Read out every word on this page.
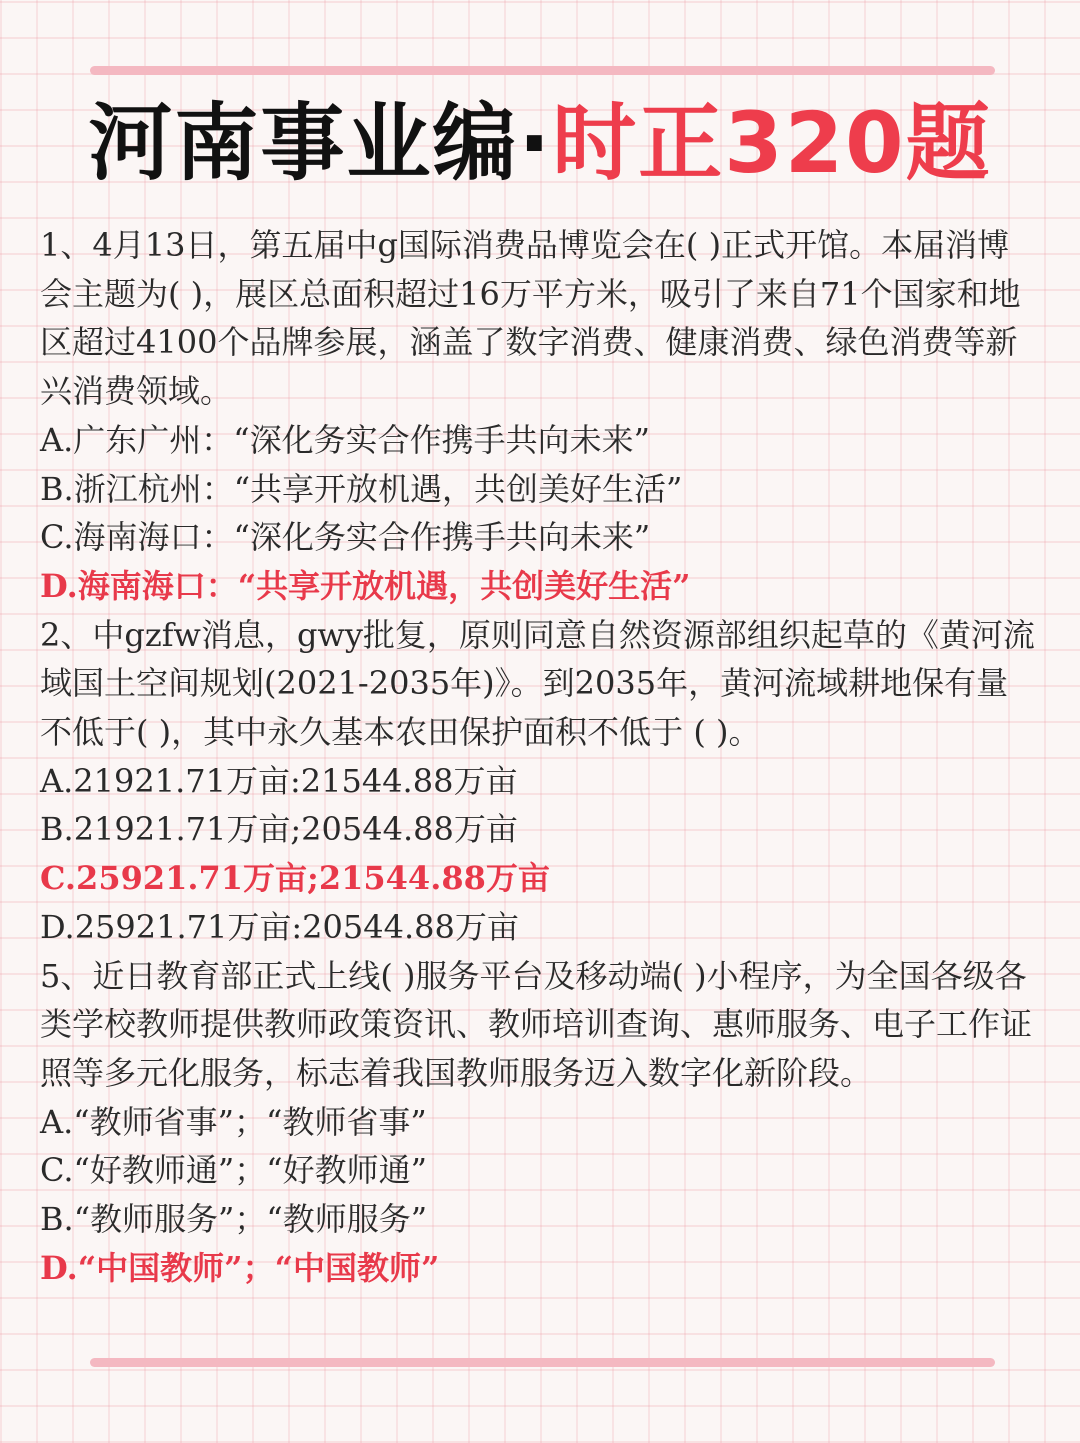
河南事业编·时正320题

1、4月13日，第五届中g国际消费品博览会在( )正式开馆。本届消博会主题为( )，展区总面积超过16万平方米，吸引了来自71个国家和地区超过4100个品牌参展，涵盖了数字消费、健康消费、绿色消费等新兴消费领域。

A.广东广州：“深化务实合作携手共向未来”

B.浙江杭州：“共享开放机遇，共创美好生活”

C.海南海口：“深化务实合作携手共向未来”

D.海南海口：“共享开放机遇，共创美好生活”

2、中gzfw消息，gwy批复，原则同意自然资源部组织起草的《黄河流域国土空间规划(2021-2035年)》。到2035年，黄河流域耕地保有量不低于( )，其中永久基本农田保护面积不低于 ( )。

A.21921.71万亩:21544.88万亩

B.21921.71万亩;20544.88万亩

C.25921.71万亩;21544.88万亩

D.25921.71万亩:20544.88万亩

5、近日教育部正式上线( )服务平台及移动端( )小程序，为全国各级各类学校教师提供教师政策资讯、教师培训查询、惠师服务、电子工作证照等多元化服务，标志着我国教师服务迈入数字化新阶段。

A.“教师省事”；“教师省事”

C.“好教师通”；“好教师通”

B.“教师服务”；“教师服务”

D.“中国教师”；“中国教师”
